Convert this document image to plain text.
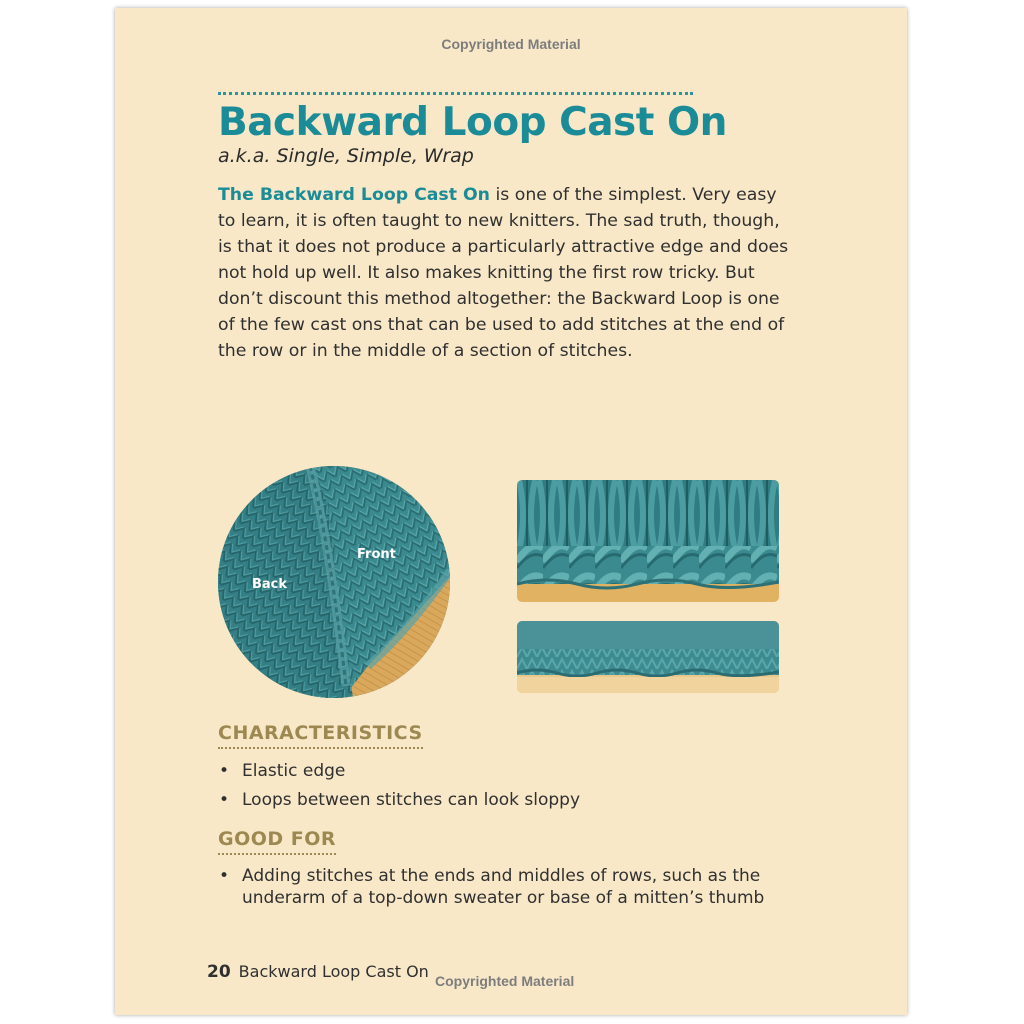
Copyrighted Material
Backward Loop Cast On
a.k.a. Single, Simple, Wrap

The Backward Loop Cast On is one of the simplest. Very easy to learn, it is often taught to new knitters. The sad truth, though, is that it does not produce a particularly attractive edge and does not hold up well. It also makes knitting the first row tricky. But don’t discount this method altogether: the Backward Loop is one of the few cast ons that can be used to add stitches at the end of the row or in the middle of a section of stitches.

Front
Back
CHARACTERISTICS
• Elastic edge
• Loops between stitches can look sloppy
GOOD FOR
• Adding stitches at the ends and middles of rows, such as the underarm of a top-down sweater or base of a mitten’s thumb
20 Backward Loop Cast On Copyrighted Material
